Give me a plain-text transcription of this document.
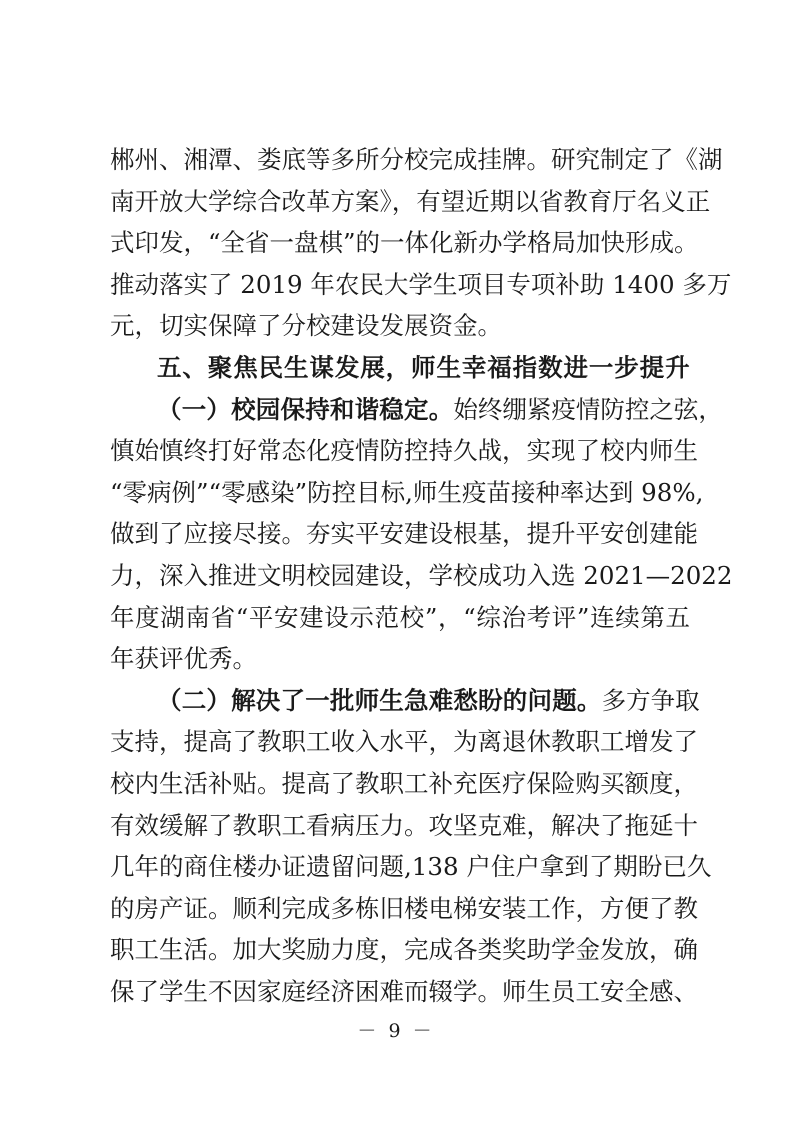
郴州、湘潭、娄底等多所分校完成挂牌。研究制定了《湖
南开放大学综合改革方案》，有望近期以省教育厅名义正
式印发，“全省一盘棋”的一体化新办学格局加快形成。
推动落实了 2019 年农民大学生项目专项补助 1400 多万
元，切实保障了分校建设发展资金。
五、聚焦民生谋发展，师生幸福指数进一步提升
（一）校园保持和谐稳定。始终绷紧疫情防控之弦，
慎始慎终打好常态化疫情防控持久战，实现了校内师生
“零病例”“零感染”防控目标,师生疫苗接种率达到 98%,
做到了应接尽接。夯实平安建设根基，提升平安创建能
力，深入推进文明校园建设，学校成功入选 2021—2022
年度湖南省“平安建设示范校”，“综治考评”连续第五
年获评优秀。
（二）解决了一批师生急难愁盼的问题。多方争取
支持，提高了教职工收入水平，为离退休教职工增发了
校内生活补贴。提高了教职工补充医疗保险购买额度，
有效缓解了教职工看病压力。攻坚克难，解决了拖延十
几年的商住楼办证遗留问题,138 户住户拿到了期盼已久
的房产证。顺利完成多栋旧楼电梯安装工作，方便了教
职工生活。加大奖励力度，完成各类奖助学金发放，确
－ 9 －
保了学生不因家庭经济困难而辍学。师生员工安全感、
